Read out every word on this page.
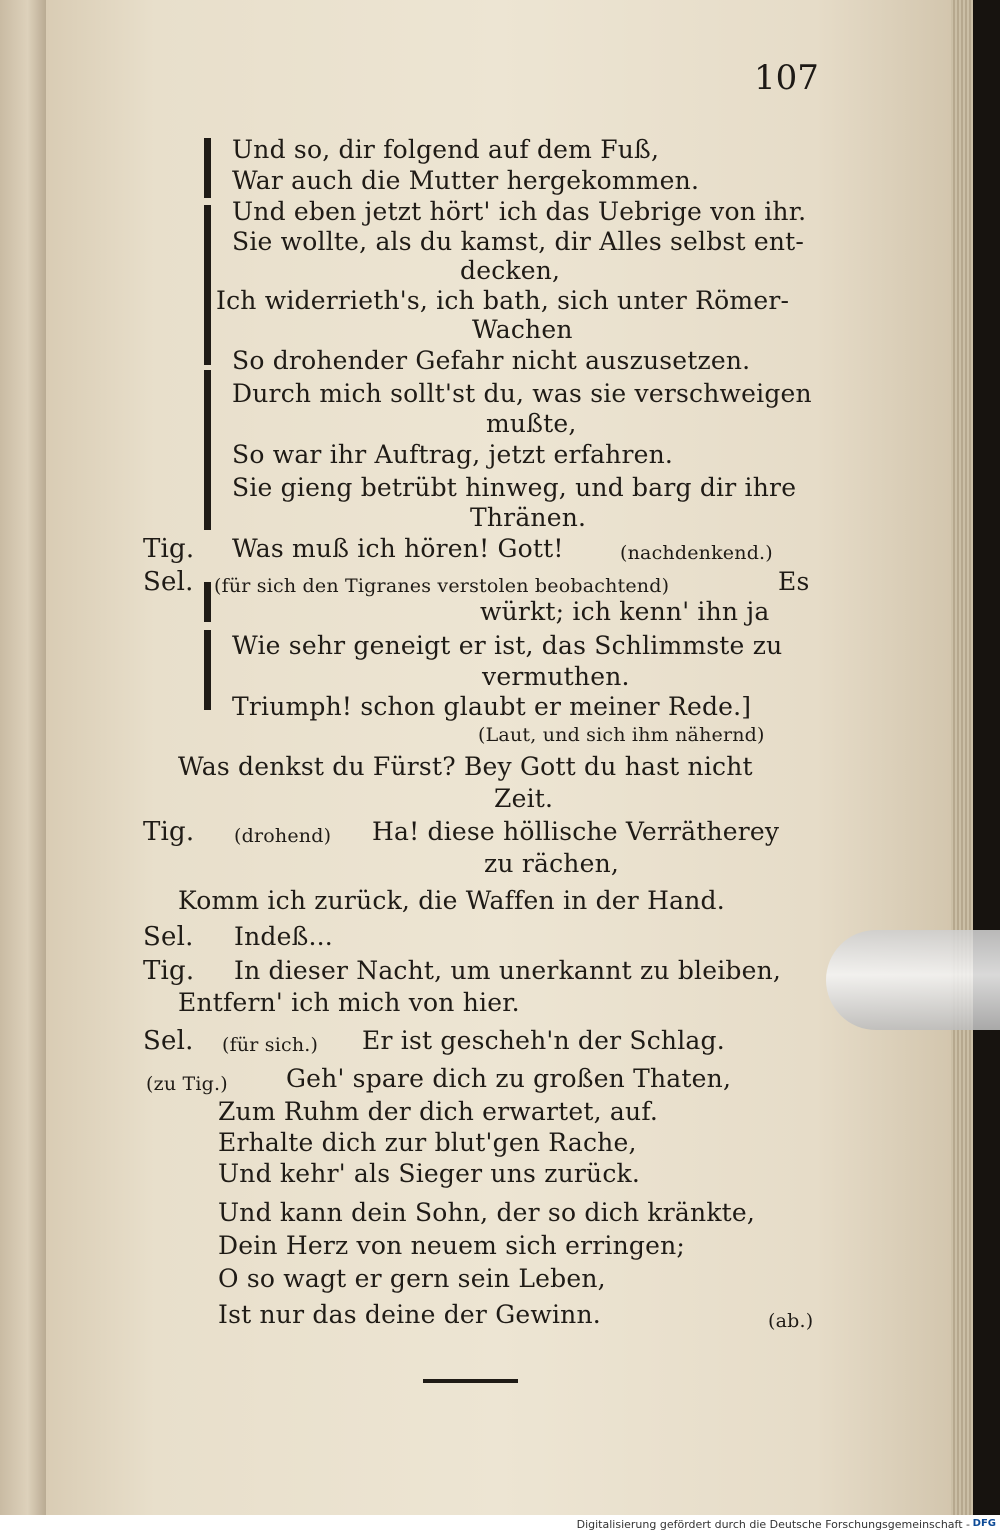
107
Und so, dir folgend auf dem Fuß,
War auch die Mutter hergekommen.
Und eben jetzt hört' ich das Uebrige von ihr.
Sie wollte, als du kamst, dir Alles selbst ent-
decken,
Ich widerrieth's, ich bath, sich unter Römer-
Wachen
So drohender Gefahr nicht auszusetzen.
Durch mich sollt'st du, was sie verschweigen
mußte,
So war ihr Auftrag, jetzt erfahren.
Sie gieng betrübt hinweg, und barg dir ihre
Thränen.
Tig. Was muß ich hören! Gott!	(nachdenkend.)
Sel. (für sich den Tigranes verstolen beobachtend)	Es
würkt; ich kenn' ihn ja
Wie sehr geneigt er ist, das Schlimmste zu
vermuthen.
Triumph! schon glaubt er meiner Rede.]
(Laut, und sich ihm nähernd)
Was denkst du Fürst? Bey Gott du hast nicht
Zeit.
Tig. (drohend) Ha! diese höllische Verrätherey
zu rächen,
Komm ich zurück, die Waffen in der Hand.
Sel. Indeß...
Tig. In dieser Nacht, um unerkannt zu bleiben,
Entfern' ich mich von hier.
Sel. (für sich.) Er ist gescheh'n der Schlag.
(zu Tig.) Geh' spare dich zu großen Thaten,
Zum Ruhm der dich erwartet, auf.
Erhalte dich zur blut'gen Rache,
Und kehr' als Sieger uns zurück.
Und kann dein Sohn, der so dich kränkte,
Dein Herz von neuem sich erringen;
O so wagt er gern sein Leben,
Ist nur das deine der Gewinn.	(ab.)
Digitalisierung gefördert durch die Deutsche Forschungsgemeinschaft - DFG
